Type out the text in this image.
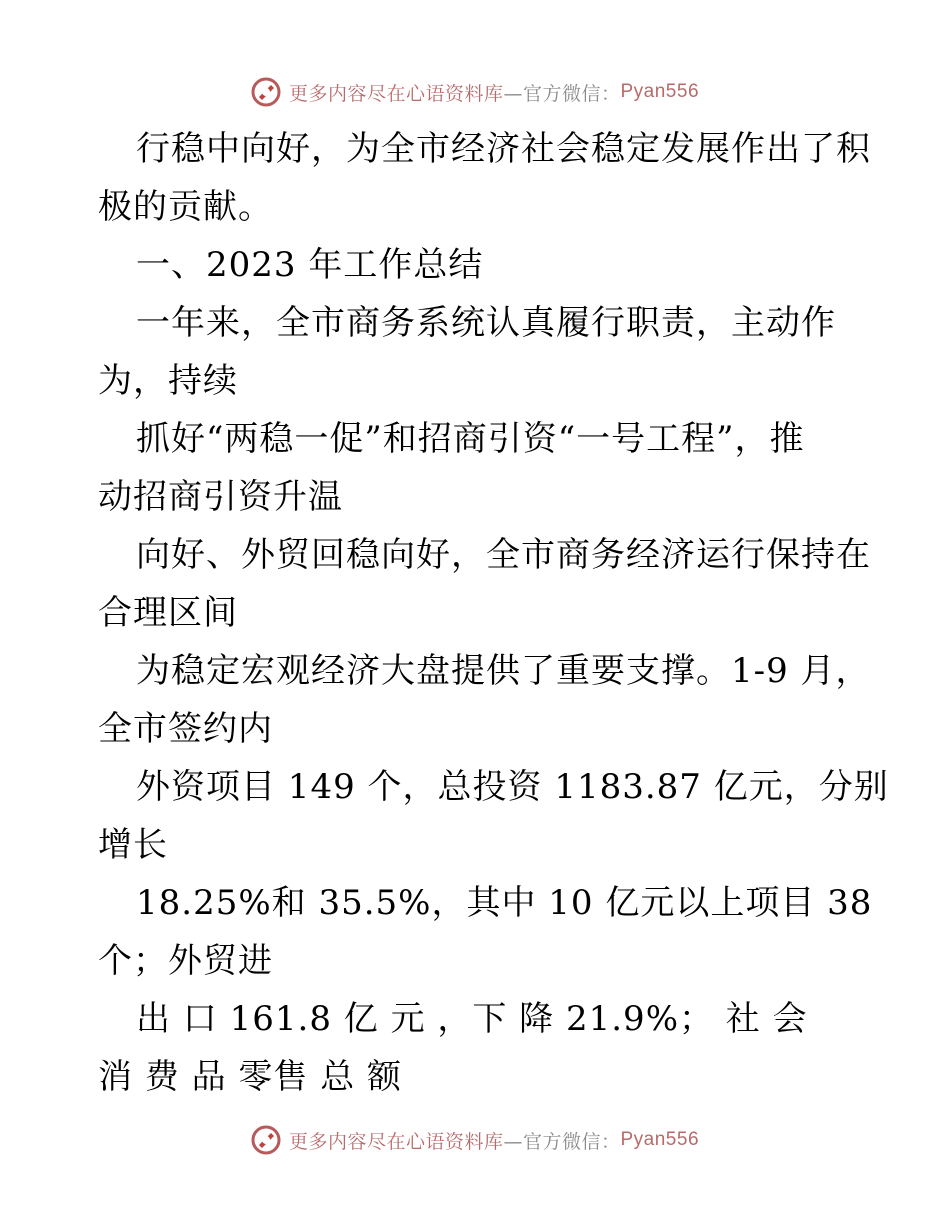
更多内容尽在心语资料库 —官方微信： Pyan556
行稳中向好，为全市经济社会稳定发展作出了积
极的贡献。
一、2023 年工作总结
一年来，全市商务系统认真履行职责，主动作
为，持续
抓好“两稳一促”和招商引资“一号工程”，推
动招商引资升温
向好、外贸回稳向好，全市商务经济运行保持在
合理区间
为稳定宏观经济大盘提供了重要支撑。1-9 月，
全市签约内
外资项目 149 个，总投资 1183.87 亿元，分别
增长
18.25%和 35.5%，其中 10 亿元以上项目 38
个；外贸进
出 口 161.8 亿 元 ，下 降 21.9%； 社 会
消 费 品 零售 总 额
更多内容尽在心语资料库 —官方微信： Pyan556
